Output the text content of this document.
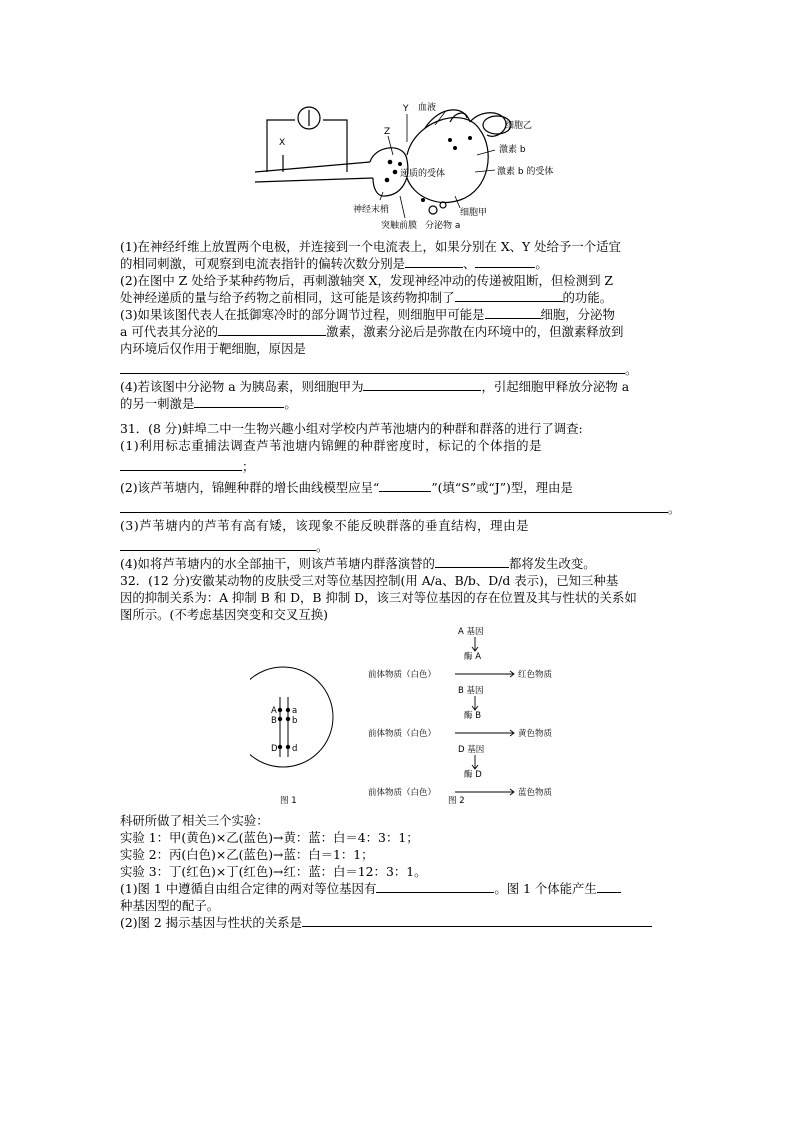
X
Y
Z
血液
细胞乙
激素 b
递质的受体	激素 b 的受体
神经末梢	细胞甲
突触前膜 分泌物 a
(1)在神经纤维上放置两个电极，并连接到一个电流表上，如果分别在 X、Y 处给予一个适宜
的相同刺激，可观察到电流表指针的偏转次数分别是	、	。
(2)在图中 Z 处给予某种药物后，再刺激轴突 X，发现神经冲动的传递被阻断，但检测到 Z
处神经递质的量与给予药物之前相同，这可能是该药物抑制了	的功能。
(3)如果该图代表人在抵御寒冷时的部分调节过程，则细胞甲可能是	细胞，分泌物
a 可代表其分泌的	激素，激素分泌后是弥散在内环境中的，但激素释放到
内环境后仅作用于靶细胞，原因是
。
(4)若该图中分泌物 a 为胰岛素，则细胞甲为	，引起细胞甲释放分泌物 a
的另一刺激是	。
31．(8 分)蚌埠二中一生物兴趣小组对学校内芦苇池塘内的种群和群落的进行了调查:
(1)利用标志重捕法调查芦苇池塘内锦鲤的种群密度时，标记的个体指的是
；
(2)该芦苇塘内，锦鲤种群的增长曲线模型应呈“	”(填“S”或“J”)型，理由是
。
(3)芦苇塘内的芦苇有高有矮，该现象不能反映群落的垂直结构，理由是
。
(4)如将芦苇塘内的水全部抽干，则该芦苇塘内群落演替的	都将发生改变。
32．(12 分)安徽某动物的皮肤受三对等位基因控制(用 A/a、B/b、D/d 表示)，已知三种基
因的抑制关系为：A 抑制 B 和 D，B 抑制 D，该三对等位基因的存在位置及其与性状的关系如
图所示。(不考虑基因突变和交叉互换)
A
B
D
a
b
d
图 1	图 2
A 基因
酶 A
前体物质（白色）	红色物质
B 基因
酶 B
前体物质（白色）	黄色物质
D 基因
酶 D
前体物质（白色）	蓝色物质
科研所做了相关三个实验：
实验 1：甲(黄色)×乙(蓝色)→黄：蓝：白＝4：3：1；
实验 2：丙(白色)×乙(蓝色)→蓝：白＝1：1；
实验 3：丁(红色)×丁(红色)→红：蓝：白＝12：3：1。
(1)图 1 中遵循自由组合定律的两对等位基因有	。图 1 个体能产生
种基因型的配子。
(2)图 2 揭示基因与性状的关系是
